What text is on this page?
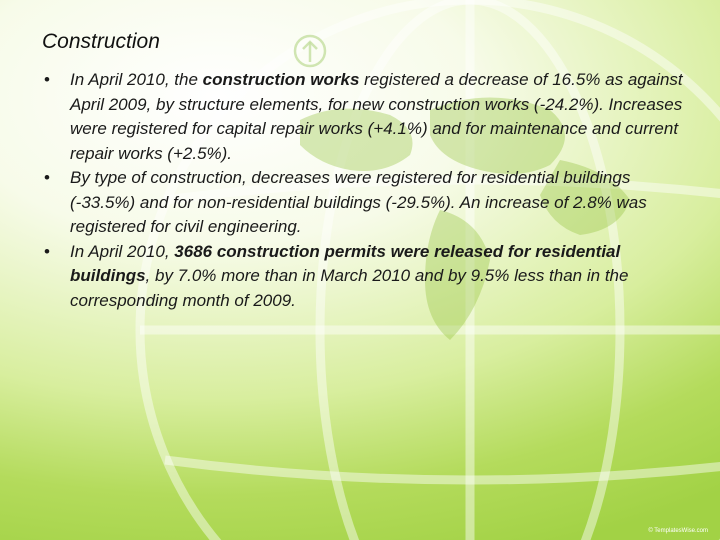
Construction

• In April 2010, the construction works registered a decrease of 16.5% as against April 2009, by structure elements, for new construction works (-24.2%). Increases were registered for capital repair works (+4.1%) and for maintenance and current repair works (+2.5%).

• By type of construction, decreases were registered for residential buildings (-33.5%) and for non-residential buildings (-29.5%). An increase of 2.8% was registered for civil engineering.

• In April 2010, 3686 construction permits were released for residential buildings, by 7.0% more than in March 2010 and by 9.5% less than in the corresponding month of 2009.

© TemplatesWise.com
